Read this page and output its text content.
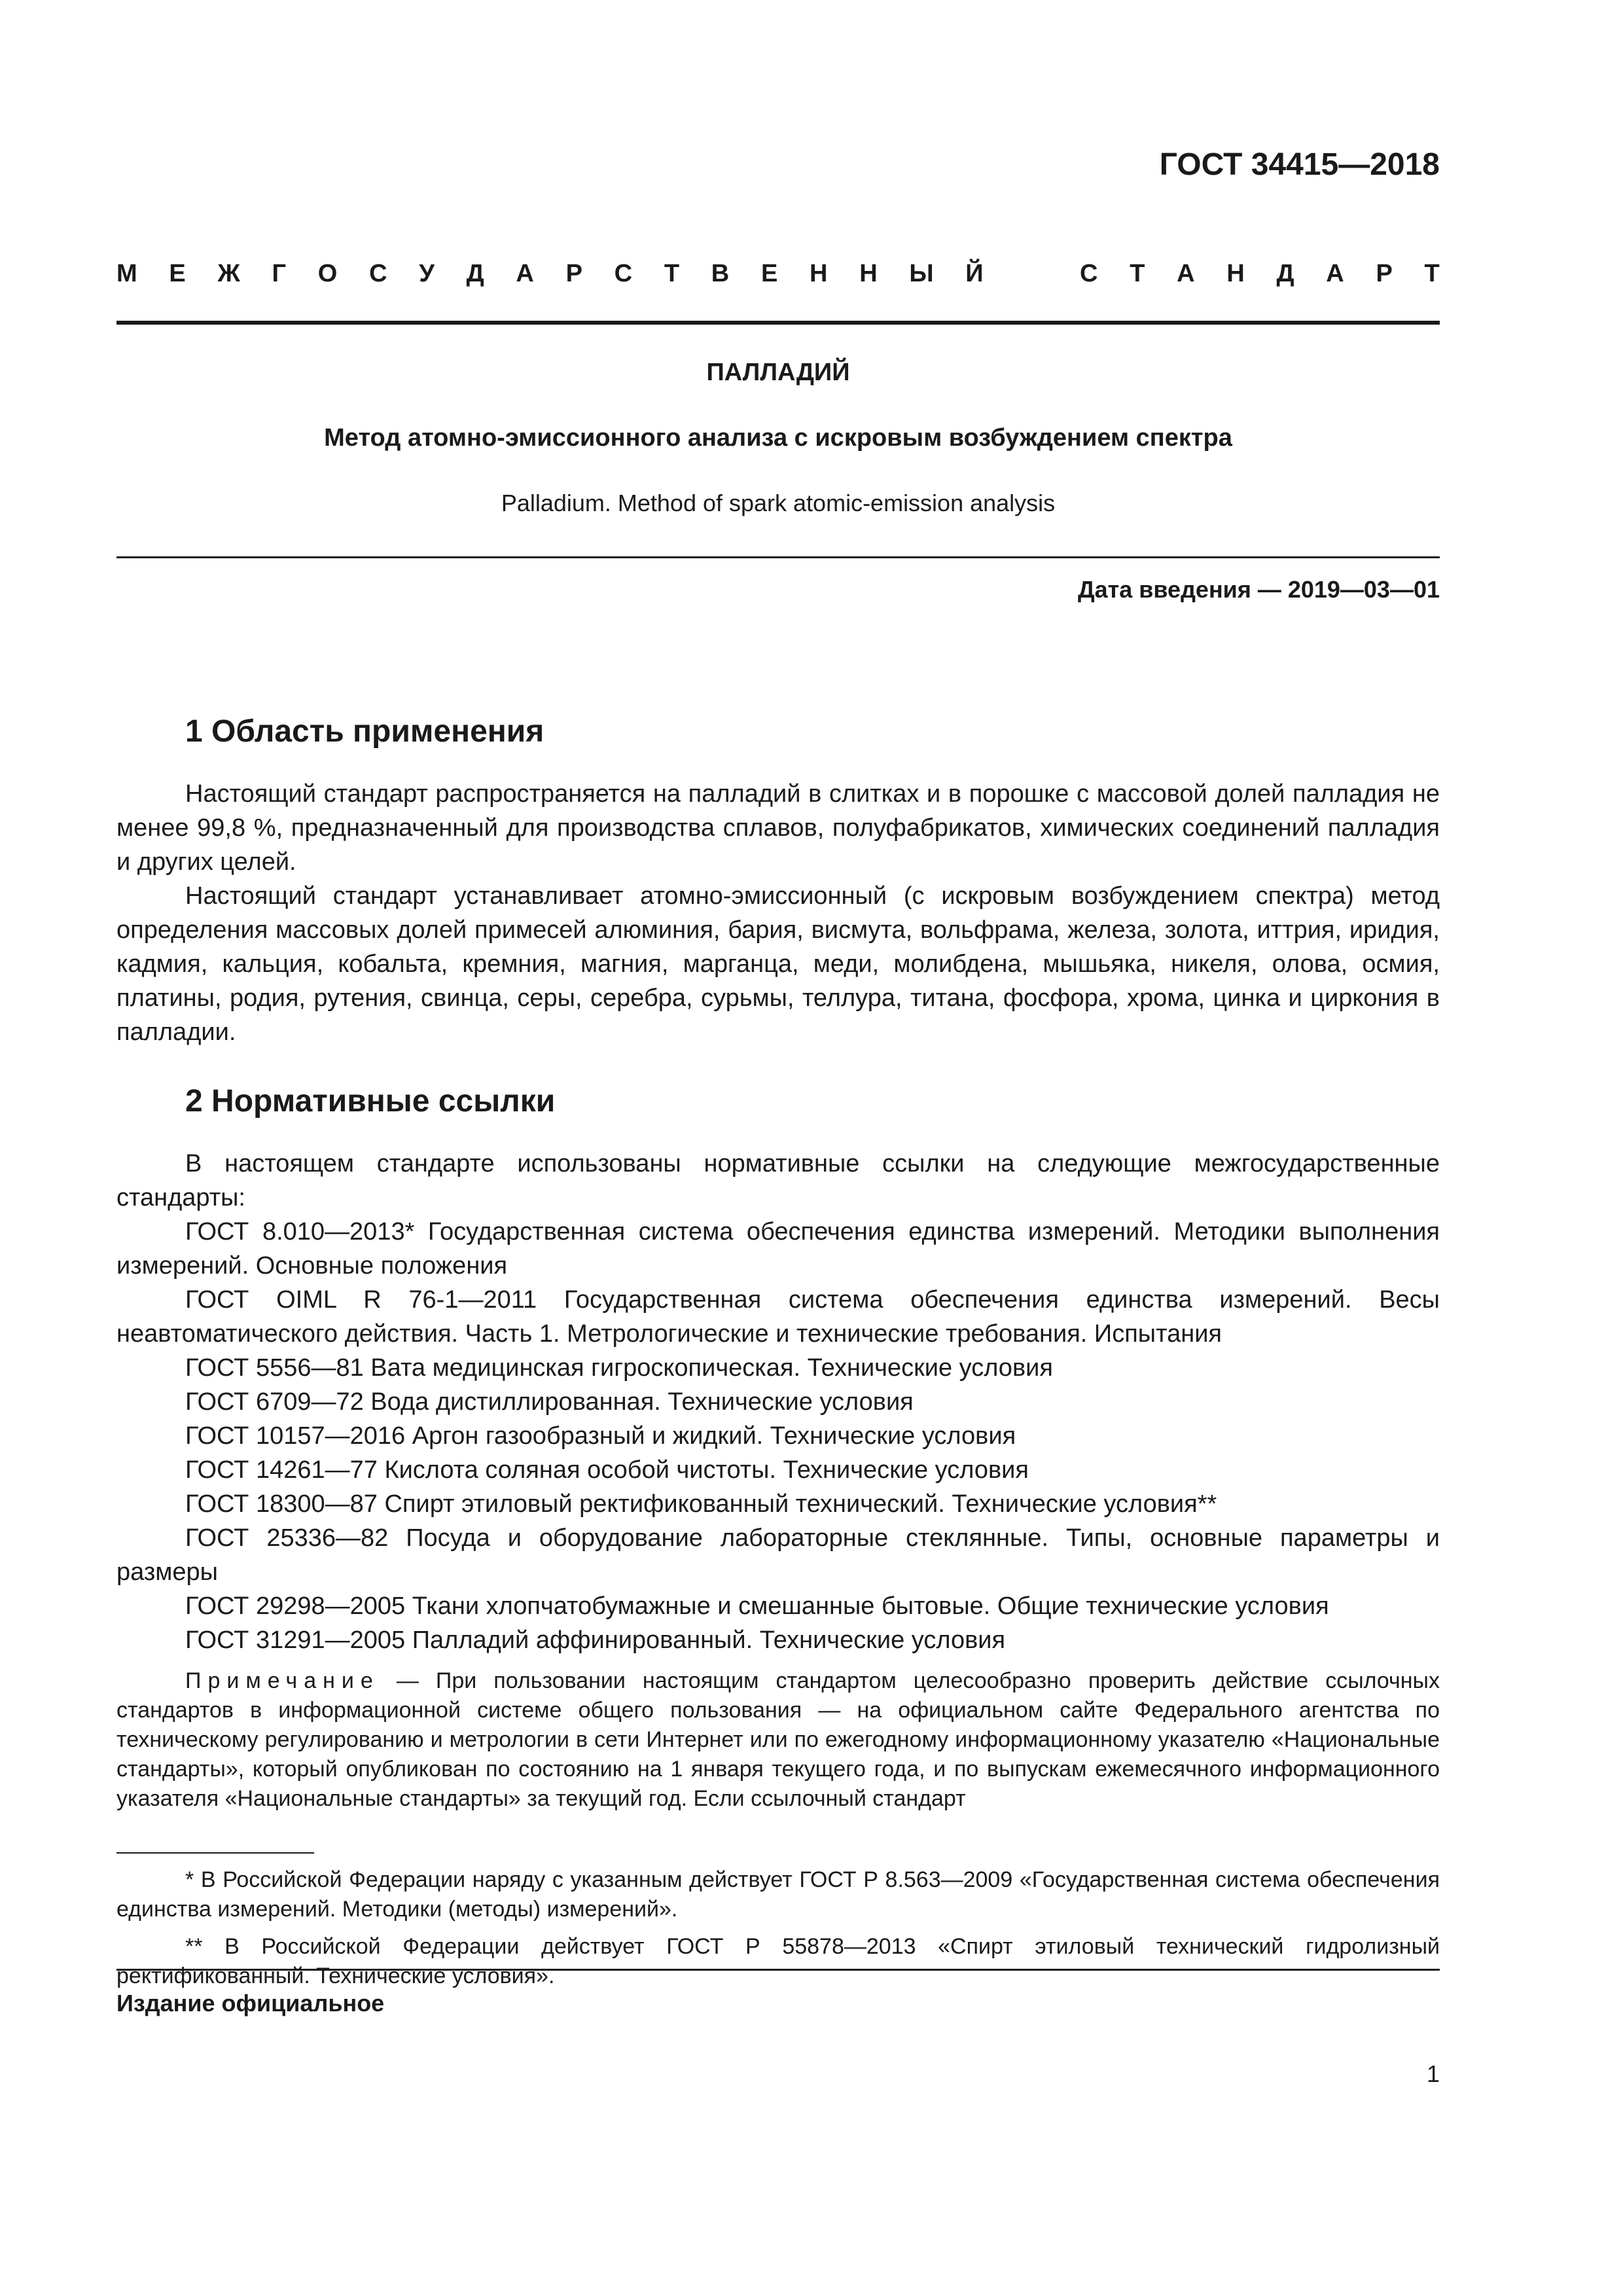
ГОСТ 34415—2018
М Е Ж Г О С У Д А Р С Т В Е Н Н Ы Й	С Т А Н Д А Р Т
ПАЛЛАДИЙ

Метод атомно-эмиссионного анализа с искровым возбуждением спектра

Palladium. Method of spark atomic-emission analysis

Дата введения — 2019—03—01

1 Область применения

Настоящий стандарт распространяется на палладий в слитках и в порошке с массовой долей палладия не менее 99,8 %, предназначенный для производства сплавов, полуфабрикатов, химических соединений палладия и других целей.

Настоящий стандарт устанавливает атомно-эмиссионный (с искровым возбуждением спектра) метод определения массовых долей примесей алюминия, бария, висмута, вольфрама, железа, золота, иттрия, иридия, кадмия, кальция, кобальта, кремния, магния, марганца, меди, молибдена, мышьяка, никеля, олова, осмия, платины, родия, рутения, свинца, серы, серебра, сурьмы, теллура, титана, фосфора, хрома, цинка и циркония в палладии.

2 Нормативные ссылки

В настоящем стандарте использованы нормативные ссылки на следующие межгосударственные стандарты:

ГОСТ 8.010—2013* Государственная система обеспечения единства измерений. Методики выполнения измерений. Основные положения

ГОСТ OIML R 76-1—2011 Государственная система обеспечения единства измерений. Весы неавтоматического действия. Часть 1. Метрологические и технические требования. Испытания

ГОСТ 5556—81 Вата медицинская гигроскопическая. Технические условия

ГОСТ 6709—72 Вода дистиллированная. Технические условия

ГОСТ 10157—2016 Аргон газообразный и жидкий. Технические условия

ГОСТ 14261—77 Кислота соляная особой чистоты. Технические условия

ГОСТ 18300—87 Спирт этиловый ректификованный технический. Технические условия**

ГОСТ 25336—82 Посуда и оборудование лабораторные стеклянные. Типы, основные параметры и размеры

ГОСТ 29298—2005 Ткани хлопчатобумажные и смешанные бытовые. Общие технические условия

ГОСТ 31291—2005 Палладий аффинированный. Технические условия

Примечание — При пользовании настоящим стандартом целесообразно проверить действие ссылочных стандартов в информационной системе общего пользования — на официальном сайте Федерального агентства по техническому регулированию и метрологии в сети Интернет или по ежегодному информационному указателю «Национальные стандарты», который опубликован по состоянию на 1 января текущего года, и по выпускам ежемесячного информационного указателя «Национальные стандарты» за текущий год. Если ссылочный стандарт

* В Российской Федерации наряду с указанным действует ГОСТ Р 8.563—2009 «Государственная система обеспечения единства измерений. Методики (методы) измерений».

** В Российской Федерации действует ГОСТ Р 55878—2013 «Спирт этиловый технический гидролизный ректификованный. Технические условия».

Издание официальное

1
